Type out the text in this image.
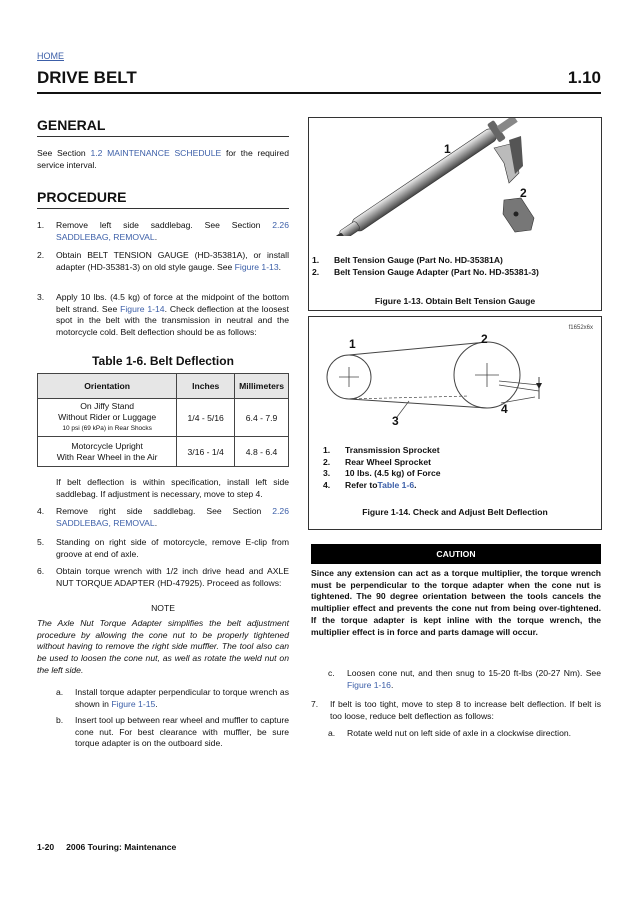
HOME
DRIVE BELT	1.10
GENERAL
See Section 1.2 MAINTENANCE SCHEDULE for the required service interval.
PROCEDURE
1. Remove left side saddlebag. See Section 2.26 SADDLEBAG, REMOVAL.
2. Obtain BELT TENSION GAUGE (HD-35381A), or install adapter (HD-35381-3) on old style gauge. See Figure 1-13.
3. Apply 10 lbs. (4.5 kg) of force at the midpoint of the bottom belt strand. See Figure 1-14. Check deflection at the loosest spot in the belt with the transmission in neutral and the motorcycle cold. Belt deflection should be as follows:
Table 1-6. Belt Deflection
Orientation	Inches	Millimeters

On Jiffy Stand
Without Rider or Luggage
10 psi (69 kPa) in Rear Shocks	1/4 - 5/16	6.4 - 7.9

Motorcycle Upright
With Rear Wheel in the Air	3/16 - 1/4	4.8 - 6.4
If belt deflection is within specification, install left side saddlebag. If adjustment is necessary, move to step 4.
4. Remove right side saddlebag. See Section 2.26 SADDLEBAG, REMOVAL.
5. Standing on right side of motorcycle, remove E-clip from groove at end of axle.
6. Obtain torque wrench with 1/2 inch drive head and AXLE NUT TORQUE ADAPTER (HD-47925). Proceed as follows:
NOTE
The Axle Nut Torque Adapter simplifies the belt adjustment procedure by allowing the cone nut to be properly tightened without having to remove the right side muffler. The tool also can be used to loosen the cone nut, as well as rotate the weld nut on the left side.
a. Install torque adapter perpendicular to torque wrench as shown in Figure 1-15.
b. Insert tool up between rear wheel and muffler to capture cone nut. For best clearance with muffler, be sure torque adapter is on the outboard side.
1
2
1. Belt Tension Gauge (Part No. HD-35381A)
2. Belt Tension Gauge Adapter (Part No. HD-35381-3)
Figure 1-13. Obtain Belt Tension Gauge
f1652x6x
1	2
3
4
1. Transmission Sprocket
2. Rear Wheel Sprocket
3. 10 lbs. (4.5 kg) of Force
4. Refer toTable 1-6.
Figure 1-14. Check and Adjust Belt Deflection
CAUTION
Since any extension can act as a torque multiplier, the torque wrench must be perpendicular to the torque adapter when the cone nut is tightened. The 90 degree orientation between the tools cancels the multiplier effect and prevents the cone nut from being over-tightened. If the torque adapter is kept inline with the torque wrench, the multiplier effect is in force and parts damage will occur.
c. Loosen cone nut, and then snug to 15-20 ft-lbs (20-27 Nm). See Figure 1-16.
7. If belt is too tight, move to step 8 to increase belt deflection. If belt is too loose, reduce belt deflection as follows:
a. Rotate weld nut on left side of axle in a clockwise direction.
1-20 2006 Touring: Maintenance
